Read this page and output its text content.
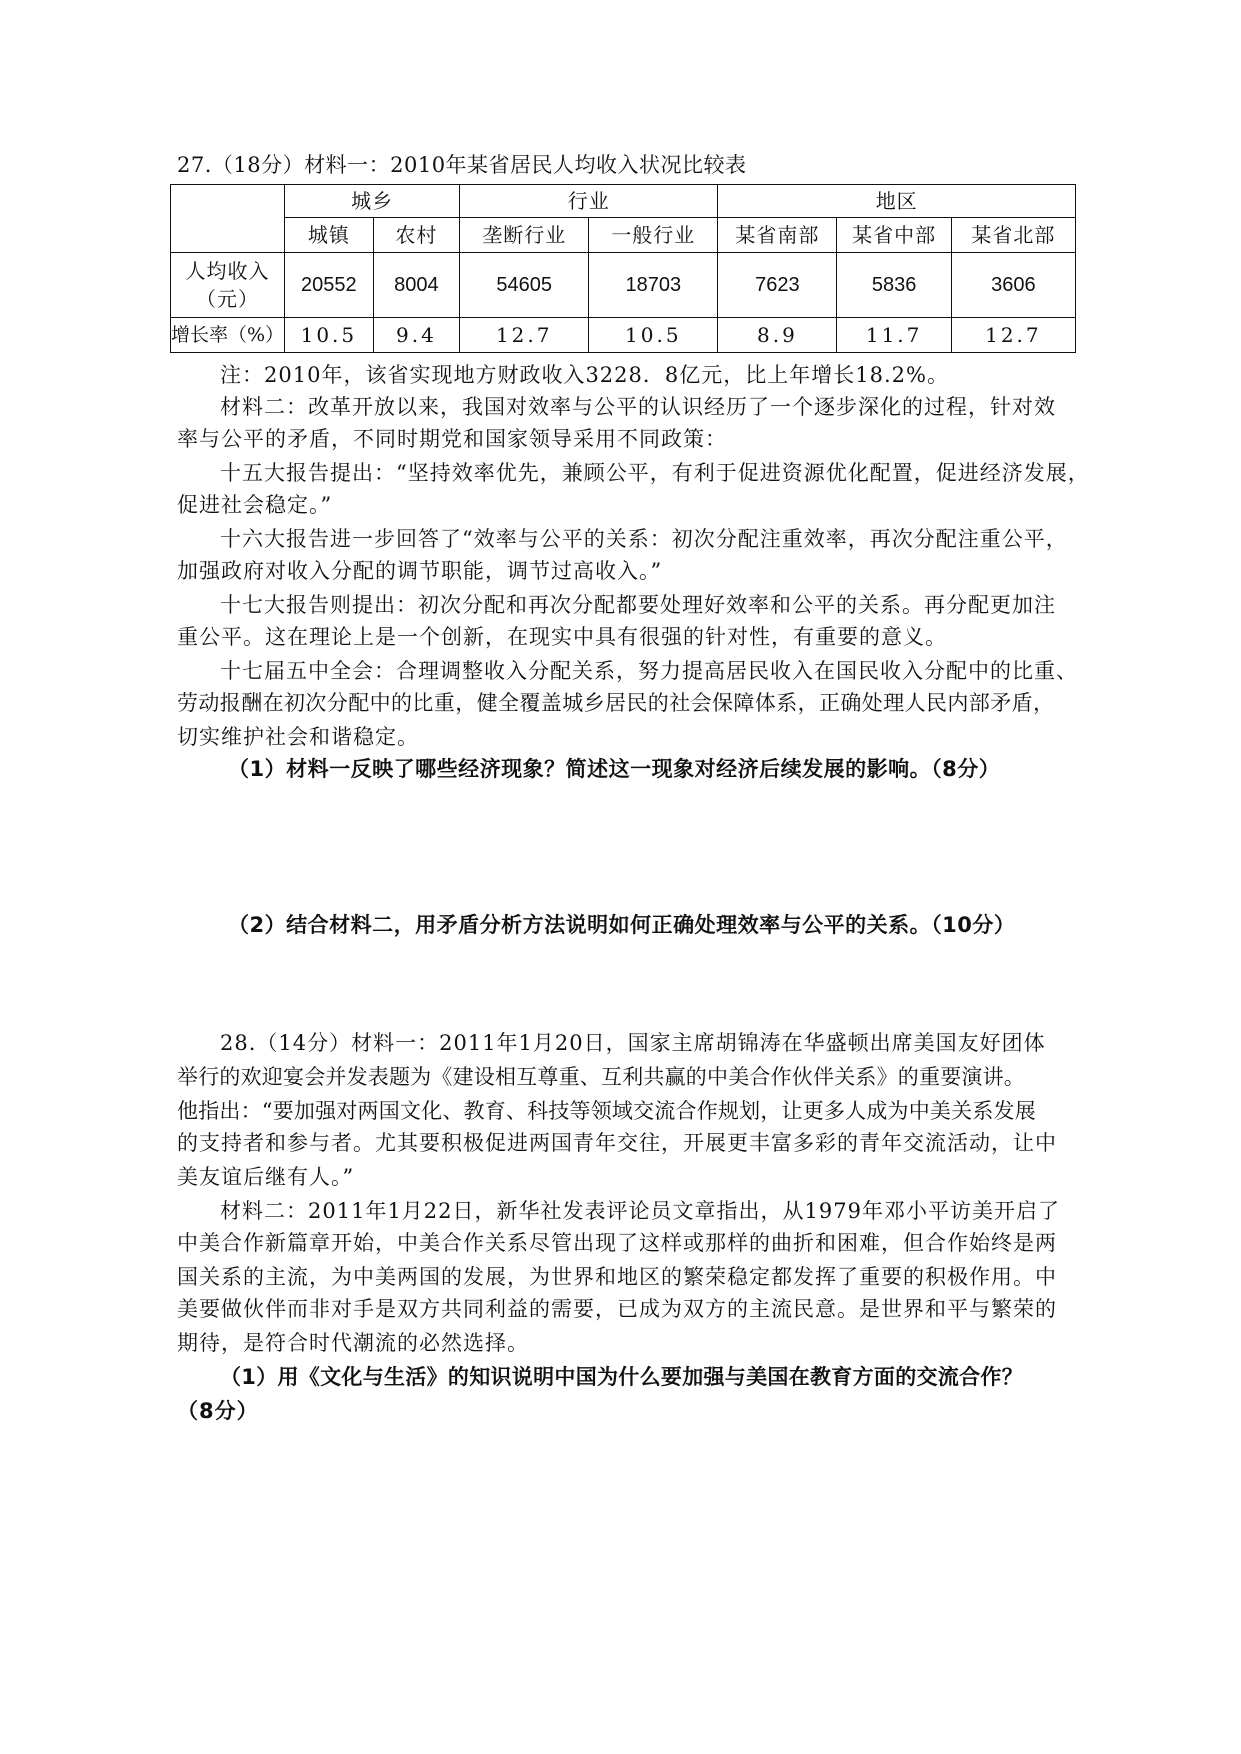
27.（18分）材料一：2010年某省居民人均收入状况比较表
	城乡		行业		地区		
	城镇	农村	垄断行业	一般行业	某省南部	某省中部	某省北部

人均收入
（元）	20552	8004	54605	18703	7623	5836	3606
增长率（%）	10.5	9.4	12.7	10.5	8.9	11.7	12.7
注：2010年，该省实现地方财政收入3228．8亿元，比上年增长18.2%。
材料二：改革开放以来，我国对效率与公平的认识经历了一个逐步深化的过程，针对效
率与公平的矛盾，不同时期党和国家领导采用不同政策：
十五大报告提出：“坚持效率优先，兼顾公平，有利于促进资源优化配置，促进经济发展，
促进社会稳定。”
十六大报告进一步回答了“效率与公平的关系：初次分配注重效率，再次分配注重公平，
加强政府对收入分配的调节职能，调节过高收入。”
十七大报告则提出：初次分配和再次分配都要处理好效率和公平的关系。再分配更加注
重公平。这在理论上是一个创新，在现实中具有很强的针对性，有重要的意义。
十七届五中全会：合理调整收入分配关系，努力提高居民收入在国民收入分配中的比重、
劳动报酬在初次分配中的比重，健全覆盖城乡居民的社会保障体系，正确处理人民内部矛盾，
切实维护社会和谐稳定。
（1）材料一反映了哪些经济现象？简述这一现象对经济后续发展的影响。（8分）
（2）结合材料二，用矛盾分析方法说明如何正确处理效率与公平的关系。（10分）
28.（14分）材料一：2011年1月20日，国家主席胡锦涛在华盛顿出席美国友好团体
举行的欢迎宴会并发表题为《建设相互尊重、互利共赢的中美合作伙伴关系》的重要演讲。
他指出：“要加强对两国文化、教育、科技等领域交流合作规划，让更多人成为中美关系发展
的支持者和参与者。尤其要积极促进两国青年交往，开展更丰富多彩的青年交流活动，让中
美友谊后继有人。”
材料二：2011年1月22日，新华社发表评论员文章指出，从1979年邓小平访美开启了
中美合作新篇章开始，中美合作关系尽管出现了这样或那样的曲折和困难，但合作始终是两
国关系的主流，为中美两国的发展，为世界和地区的繁荣稳定都发挥了重要的积极作用。中
美要做伙伴而非对手是双方共同利益的需要，已成为双方的主流民意。是世界和平与繁荣的
期待，是符合时代潮流的必然选择。
（1）用《文化与生活》的知识说明中国为什么要加强与美国在教育方面的交流合作？
（8分）
